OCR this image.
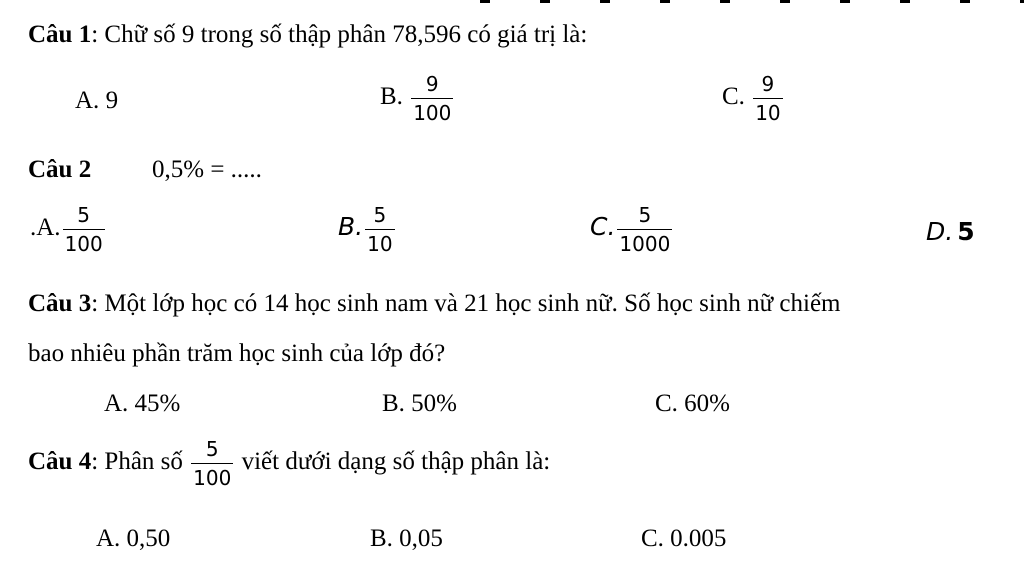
Câu 1: Chữ số 9 trong số thập phân 78,596 có giá trị là:
A. 9	B. $\frac{9}{100}$	C. $\frac{9}{10}$
Câu 2 0,5% = .....
.A. $\frac{5}{100}$	B. $\frac{5}{10}$	C. $\frac{5}{1000}$	D. 5
Câu 3: Một lớp học có 14 học sinh nam và 21 học sinh nữ. Số học sinh nữ chiếm
bao nhiêu phần trăm học sinh của lớp đó?
A. 45%	B. 50%	C. 60%
Câu 4: Phân số $\frac{5}{100}$ viết dưới dạng số thập phân là:
A. 0,50	B. 0,05	C. 0.005
